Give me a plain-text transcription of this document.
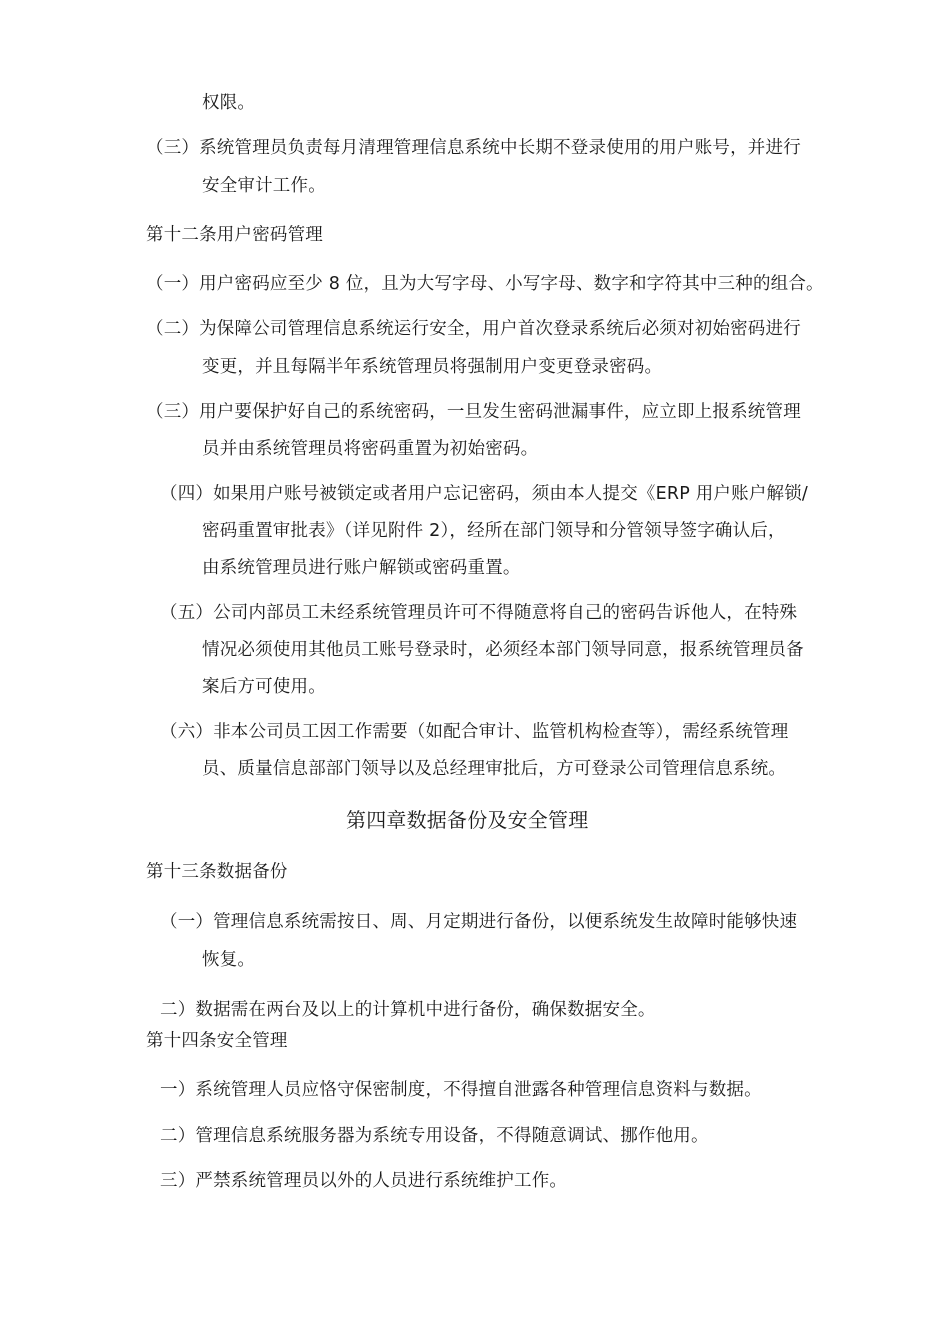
权限。
（三）系统管理员负责每月清理管理信息系统中长期不登录使用的用户账号，并进行
安全审计工作。
第十二条用户密码管理
（一）用户密码应至少 8 位，且为大写字母、小写字母、数字和字符其中三种的组合。
（二）为保障公司管理信息系统运行安全，用户首次登录系统后必须对初始密码进行
变更，并且每隔半年系统管理员将强制用户变更登录密码。
（三）用户要保护好自己的系统密码，一旦发生密码泄漏事件，应立即上报系统管理
员并由系统管理员将密码重置为初始密码。
（四）如果用户账号被锁定或者用户忘记密码，须由本人提交《ERP 用户账户解锁/
密码重置审批表》（详见附件 2），经所在部门领导和分管领导签字确认后，
由系统管理员进行账户解锁或密码重置。
（五）公司内部员工未经系统管理员许可不得随意将自己的密码告诉他人，在特殊
情况必须使用其他员工账号登录时，必须经本部门领导同意，报系统管理员备
案后方可使用。
（六）非本公司员工因工作需要（如配合审计、监管机构检查等），需经系统管理
员、质量信息部部门领导以及总经理审批后，方可登录公司管理信息系统。
第四章数据备份及安全管理
第十三条数据备份
（一）管理信息系统需按日、周、月定期进行备份，以便系统发生故障时能够快速
恢复。
二）数据需在两台及以上的计算机中进行备份，确保数据安全。
第十四条安全管理
一）系统管理人员应恪守保密制度，不得擅自泄露各种管理信息资料与数据。
二）管理信息系统服务器为系统专用设备，不得随意调试、挪作他用。
三）严禁系统管理员以外的人员进行系统维护工作。
